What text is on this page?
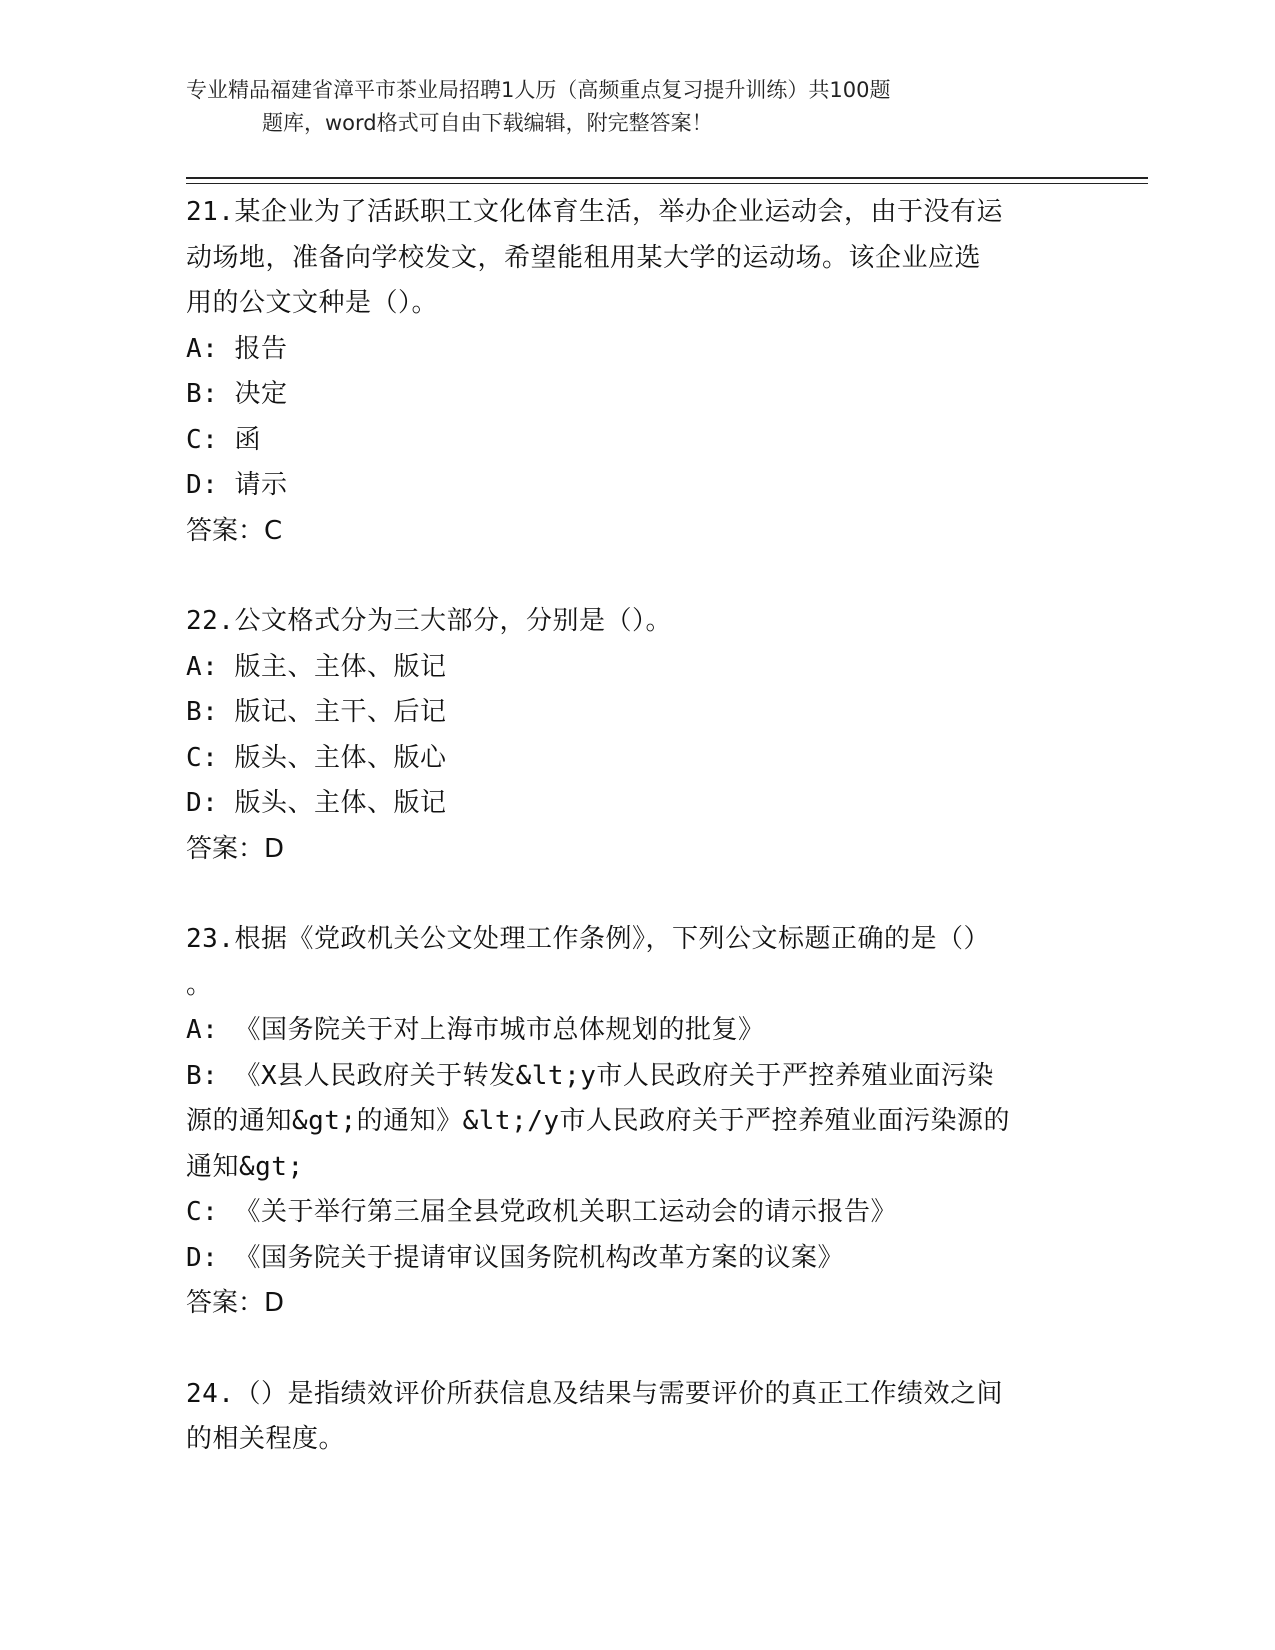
专业精品福建省漳平市茶业局招聘1人历（高频重点复习提升训练）共100题
题库，word格式可自由下载编辑，附完整答案！
21.某企业为了活跃职工文化体育生活，举办企业运动会，由于没有运
动场地，准备向学校发文，希望能租用某大学的运动场。该企业应选
用的公文文种是（）。
A: 报告
B: 决定
C: 函
D: 请示
答案：C
22.公文格式分为三大部分，分别是（）。
A: 版主、主体、版记
B: 版记、主干、后记
C: 版头、主体、版心
D: 版头、主体、版记
答案：D
23.根据《党政机关公文处理工作条例》，下列公文标题正确的是（）
。
A: 《国务院关于对上海市城市总体规划的批复》
B: 《X县人民政府关于转发&lt;y市人民政府关于严控养殖业面污染
源的通知&gt;的通知》&lt;/y市人民政府关于严控养殖业面污染源的
通知&gt;
C: 《关于举行第三届全县党政机关职工运动会的请示报告》
D: 《国务院关于提请审议国务院机构改革方案的议案》
答案：D
24.（）是指绩效评价所获信息及结果与需要评价的真正工作绩效之间
的相关程度。
